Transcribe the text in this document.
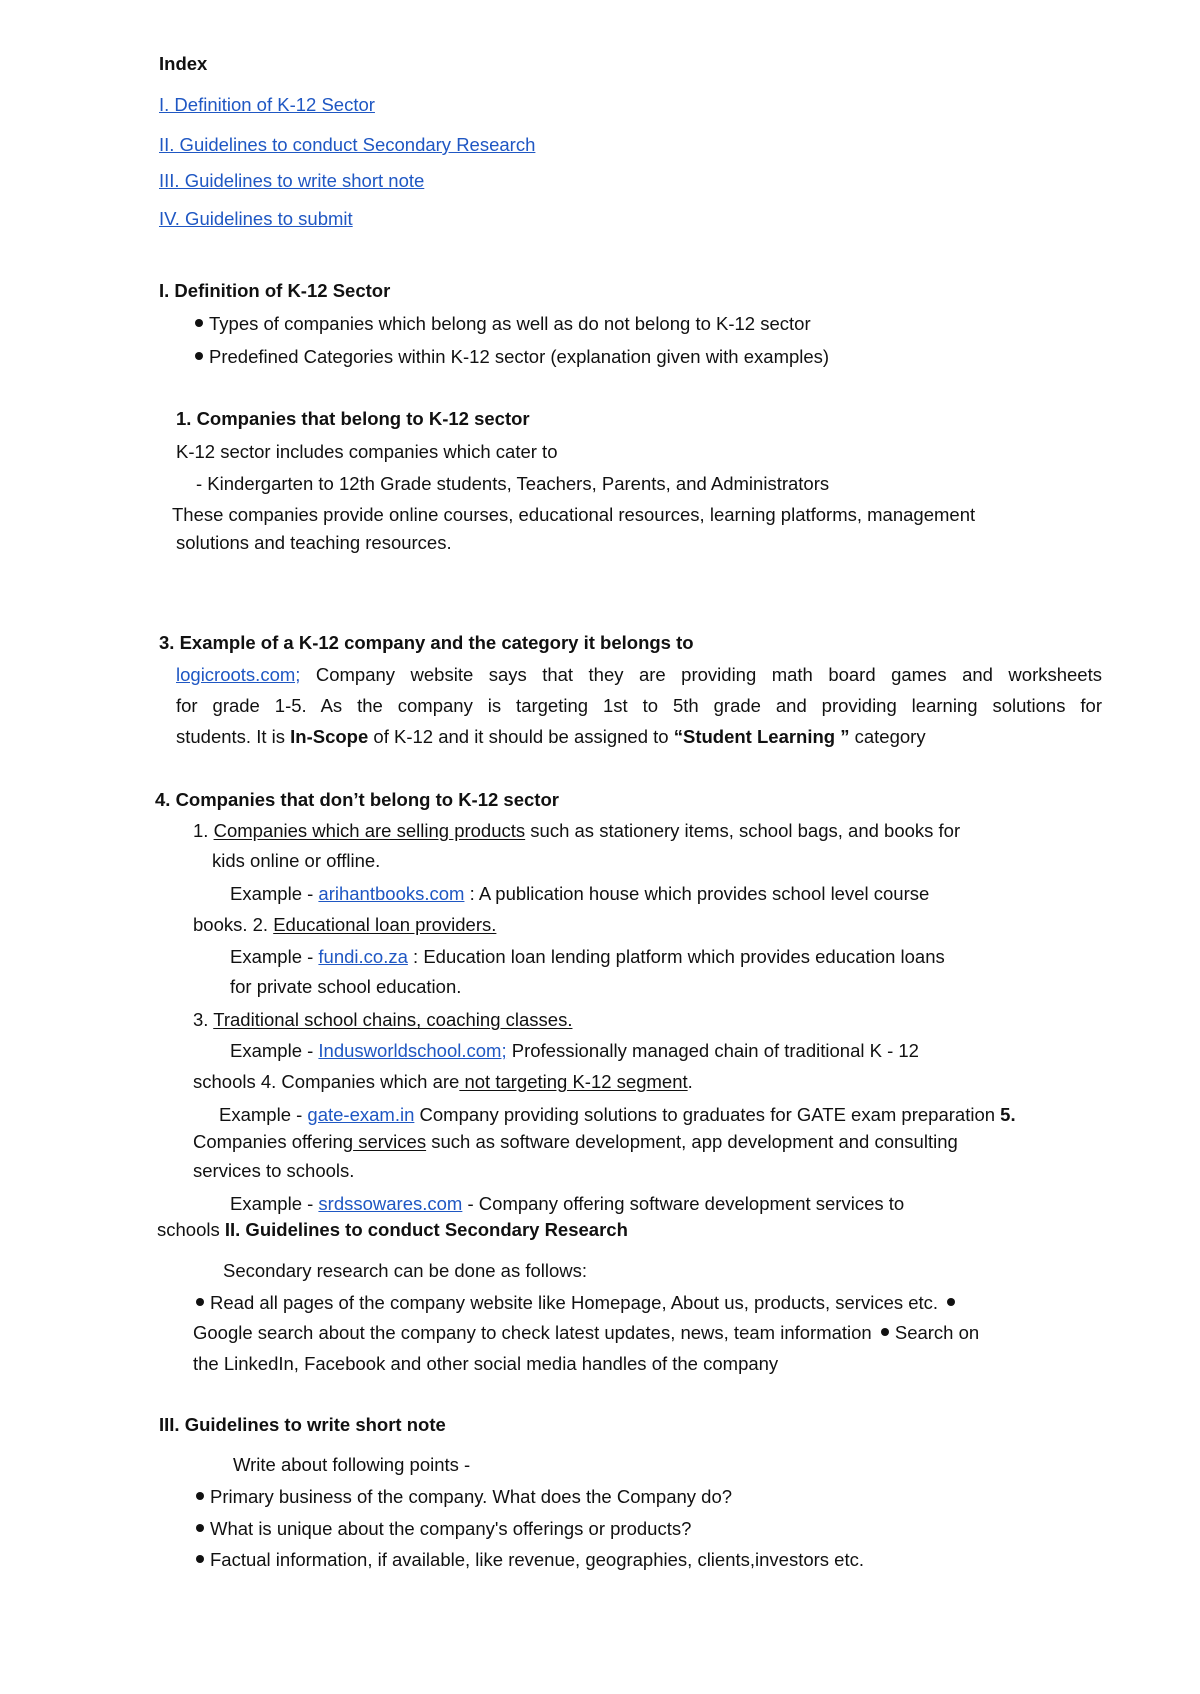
Index
I. Definition of K-12 Sector
II. Guidelines to conduct Secondary Research
III. Guidelines to write short note
IV. Guidelines to submit
I. Definition of K-12 Sector
Types of companies which belong as well as do not belong to K-12 sector
Predefined Categories within K-12 sector (explanation given with examples)
1. Companies that belong to K-12 sector
K-12 sector includes companies which cater to
- Kindergarten to 12th Grade students, Teachers, Parents, and Administrators
These companies provide online courses, educational resources, learning platforms, management
solutions and teaching resources.
3. Example of a K-12 company and the category it belongs to
logicroots.com; Company website says that they are providing math board games and worksheets
for grade 1-5. As the company is targeting 1st to 5th grade and providing learning solutions for
students. It is In-Scope of K-12 and it should be assigned to “Student Learning ” category
4. Companies that don’t belong to K-12 sector
1. Companies which are selling products such as stationery items, school bags, and books for
kids online or offline.
Example - arihantbooks.com : A publication house which provides school level course
books. 2. Educational loan providers.
Example - fundi.co.za : Education loan lending platform which provides education loans
for private school education.
3. Traditional school chains, coaching classes.
Example - Indusworldschool.com; Professionally managed chain of traditional K - 12
schools 4. Companies which are not targeting K-12 segment.
Example - gate-exam.in Company providing solutions to graduates for GATE exam preparation 5.
Companies offering services such as software development, app development and consulting
services to schools.
Example - srdssowares.com - Company offering software development services to
schools II. Guidelines to conduct Secondary Research
Secondary research can be done as follows:
Read all pages of the company website like Homepage, About us, products, services etc.
Google search about the company to check latest updates, news, team information Search on
the LinkedIn, Facebook and other social media handles of the company
III. Guidelines to write short note
Write about following points -
Primary business of the company. What does the Company do?
What is unique about the company's offerings or products?
Factual information, if available, like revenue, geographies, clients,investors etc.
